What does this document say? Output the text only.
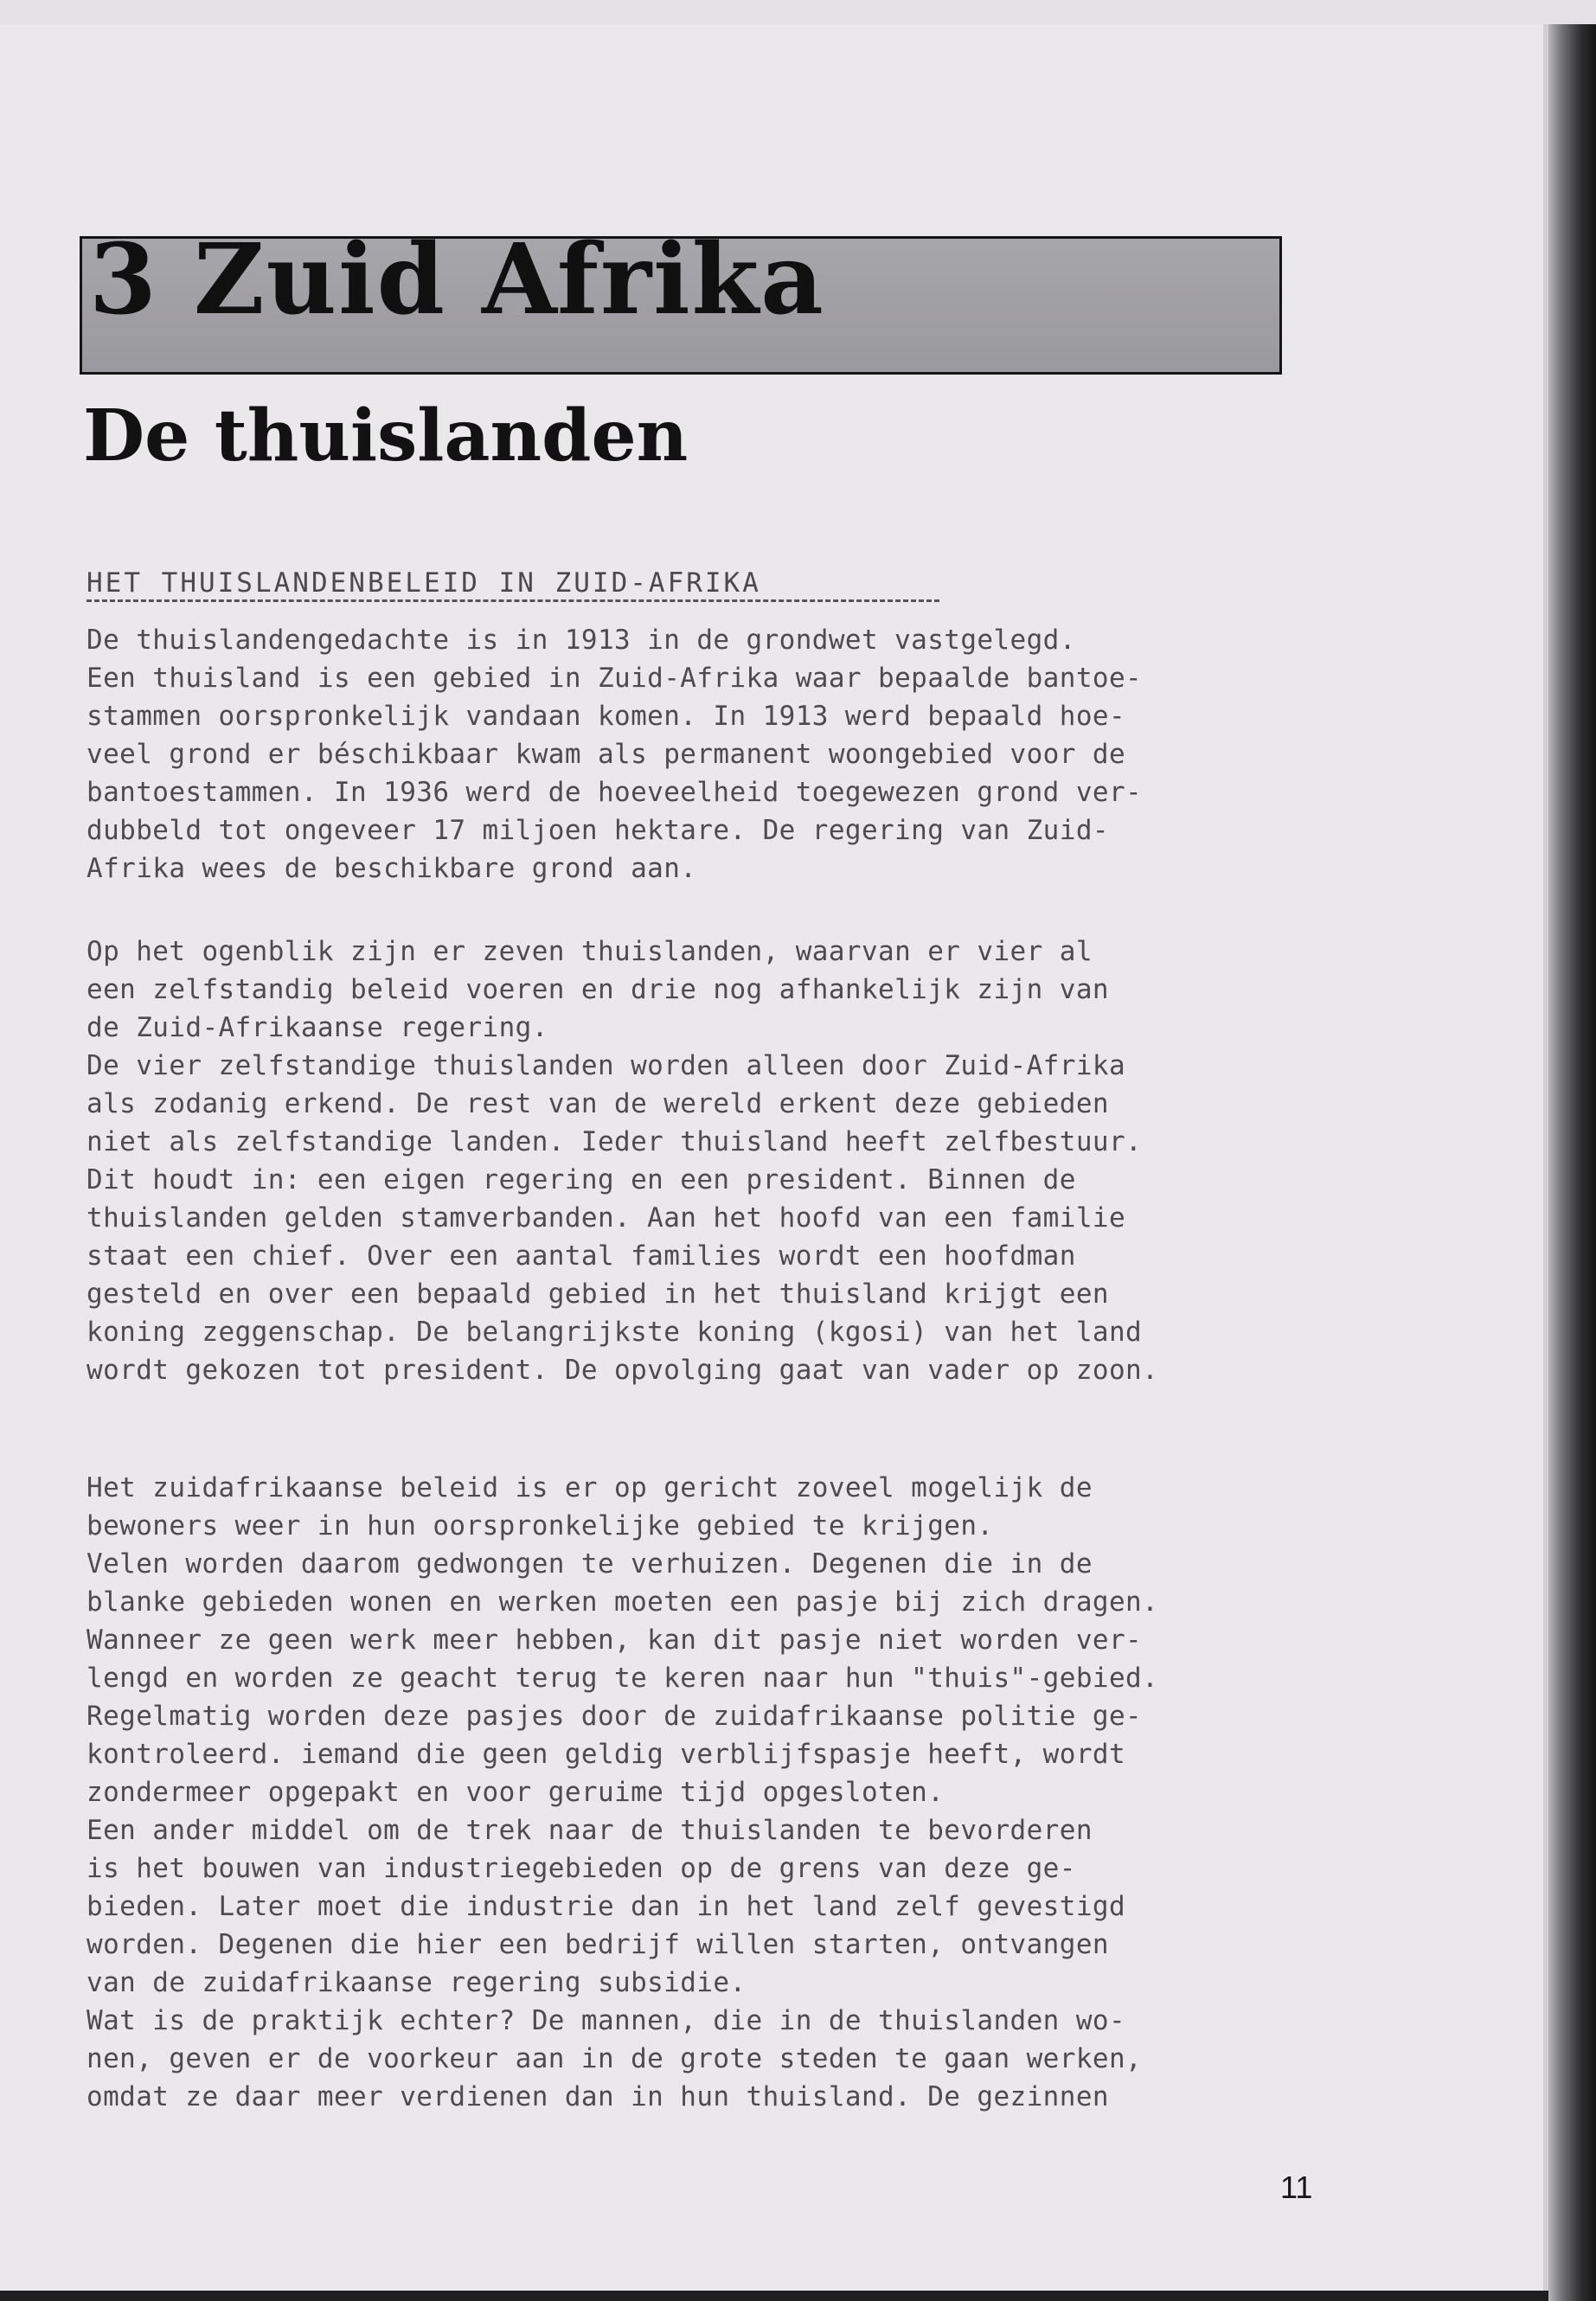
3 Zuid Afrika
De thuislanden
HET THUISLANDENBELEID IN ZUID-AFRIKA

De thuislandengedachte is in 1913 in de grondwet vastgelegd.
Een thuisland is een gebied in Zuid-Afrika waar bepaalde bantoe-
stammen oorspronkelijk vandaan komen. In 1913 werd bepaald hoe-
veel grond er béschikbaar kwam als permanent woongebied voor de
bantoestammen. In 1936 werd de hoeveelheid toegewezen grond ver-
dubbeld tot ongeveer 17 miljoen hektare. De regering van Zuid-
Afrika wees de beschikbare grond aan.

Op het ogenblik zijn er zeven thuislanden, waarvan er vier al
een zelfstandig beleid voeren en drie nog afhankelijk zijn van
de Zuid-Afrikaanse regering.
De vier zelfstandige thuislanden worden alleen door Zuid-Afrika
als zodanig erkend. De rest van de wereld erkent deze gebieden
niet als zelfstandige landen. Ieder thuisland heeft zelfbestuur.
Dit houdt in: een eigen regering en een president. Binnen de
thuislanden gelden stamverbanden. Aan het hoofd van een familie
staat een chief. Over een aantal families wordt een hoofdman
gesteld en over een bepaald gebied in het thuisland krijgt een
koning zeggenschap. De belangrijkste koning (kgosi) van het land
wordt gekozen tot president. De opvolging gaat van vader op zoon.

Het zuidafrikaanse beleid is er op gericht zoveel mogelijk de
bewoners weer in hun oorspronkelijke gebied te krijgen.
Velen worden daarom gedwongen te verhuizen. Degenen die in de
blanke gebieden wonen en werken moeten een pasje bij zich dragen.
Wanneer ze geen werk meer hebben, kan dit pasje niet worden ver-
lengd en worden ze geacht terug te keren naar hun "thuis"-gebied.
Regelmatig worden deze pasjes door de zuidafrikaanse politie ge-
kontroleerd. iemand die geen geldig verblijfspasje heeft, wordt
zondermeer opgepakt en voor geruime tijd opgesloten.
Een ander middel om de trek naar de thuislanden te bevorderen
is het bouwen van industriegebieden op de grens van deze ge-
bieden. Later moet die industrie dan in het land zelf gevestigd
worden. Degenen die hier een bedrijf willen starten, ontvangen
van de zuidafrikaanse regering subsidie.
Wat is de praktijk echter? De mannen, die in de thuislanden wo-
nen, geven er de voorkeur aan in de grote steden te gaan werken,
omdat ze daar meer verdienen dan in hun thuisland. De gezinnen

11
